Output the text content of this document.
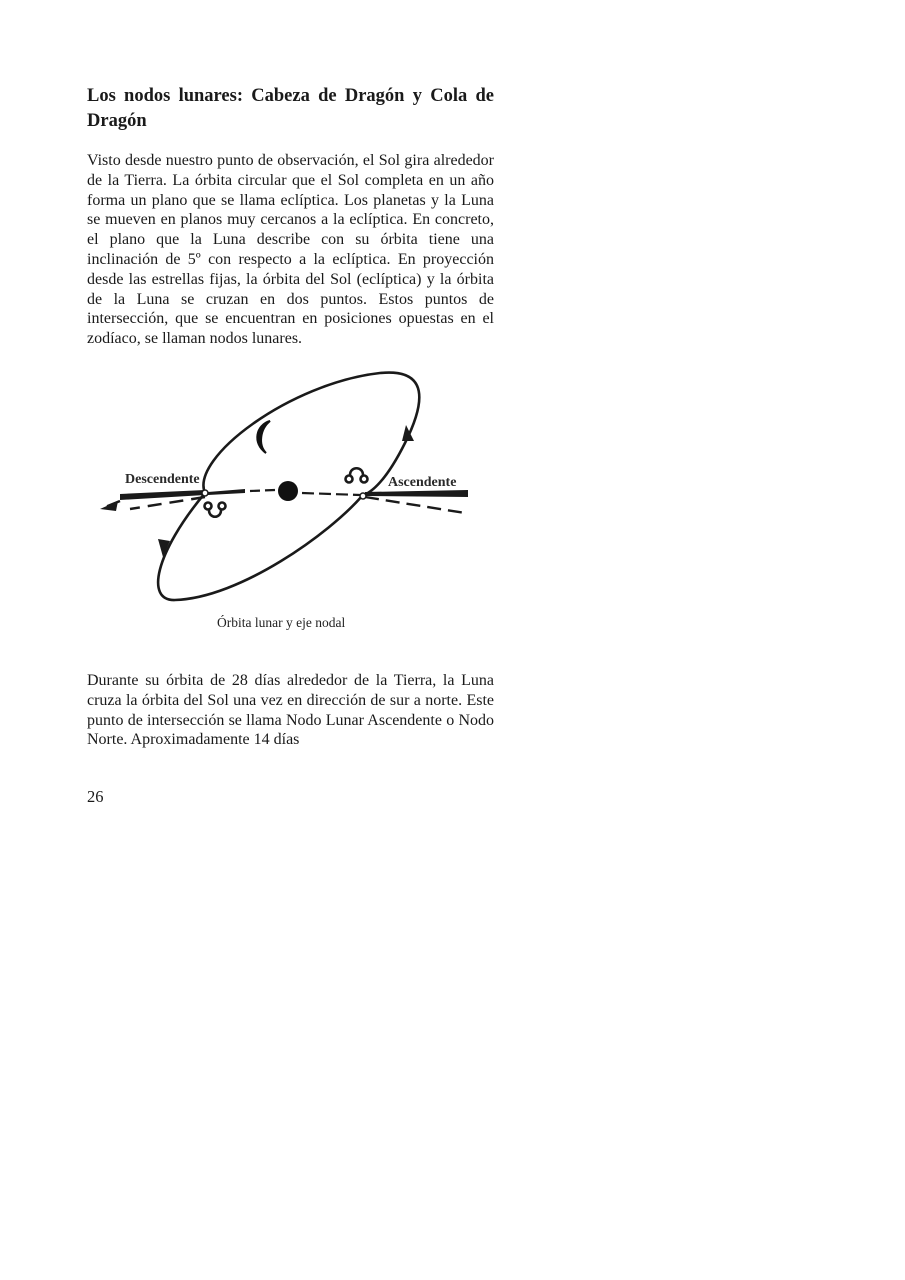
Los nodos lunares: Cabeza de Dragón y Cola de Dragón

Visto desde nuestro punto de observación, el Sol gira alrededor de la Tierra. La órbita circular que el Sol completa en un año forma un plano que se llama eclíptica. Los planetas y la Luna se mueven en planos muy cercanos a la eclíptica. En concreto, el plano que la Luna describe con su órbita tiene una inclinación de 5º con respecto a la eclíptica. En proyección desde las estrellas fijas, la órbita del Sol (eclíptica) y la órbita de la Luna se cruzan en dos puntos. Estos puntos de intersección, que se encuentran en posiciones opuestas en el zodíaco, se llaman nodos lunares.

Descendente	Ascendente
Órbita lunar y eje nodal

Durante su órbita de 28 días alrededor de la Tierra, la Luna cruza la órbita del Sol una vez en dirección de sur a norte. Este punto de intersección se llama Nodo Lunar Ascendente o Nodo Norte. Aproximadamente 14 días

26
